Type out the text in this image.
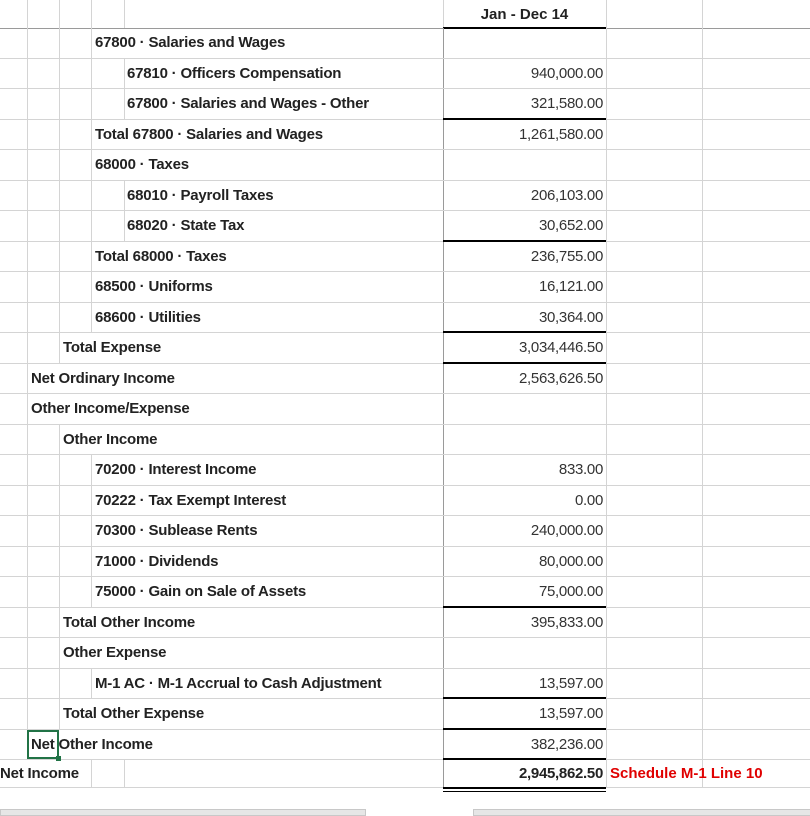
Jan - Dec 14
67800 · Salaries and Wages
67810 · Officers Compensation	940,000.00
67800 · Salaries and Wages - Other	321,580.00
Total 67800 · Salaries and Wages	1,261,580.00
68000 · Taxes
68010 · Payroll Taxes	206,103.00
68020 · State Tax	30,652.00
Total 68000 · Taxes	236,755.00
68500 · Uniforms	16,121.00
68600 · Utilities	30,364.00
Total Expense	3,034,446.50
Net Ordinary Income	2,563,626.50
Other Income/Expense
Other Income
70200 · Interest Income	833.00
70222 · Tax Exempt Interest	0.00
70300 · Sublease Rents	240,000.00
71000 · Dividends	80,000.00
75000 · Gain on Sale of Assets	75,000.00
Total Other Income	395,833.00
Other Expense
M-1 AC · M-1 Accrual to Cash Adjustment	13,597.00
Total Other Expense	13,597.00
Net Other Income	382,236.00
Net Income	2,945,862.50 Schedule M-1 Line 10
